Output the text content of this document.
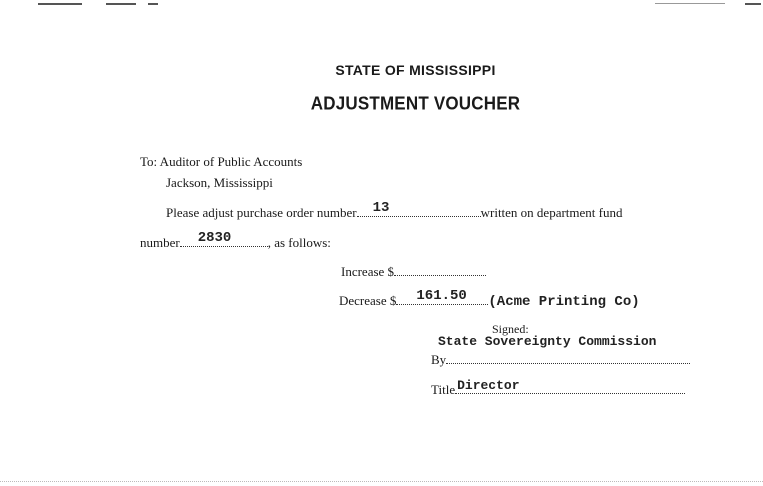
STATE OF MISSISSIPPI
ADJUSTMENT VOUCHER
To: Auditor of Public Accounts
Jackson, Mississippi
Please adjust purchase order number 13	written on department fund
number 2830	, as follows:
Increase $
Decrease $ 161.50 (Acme Printing Co)
Signed:
State Sovereignty Commission
By
Title Director
